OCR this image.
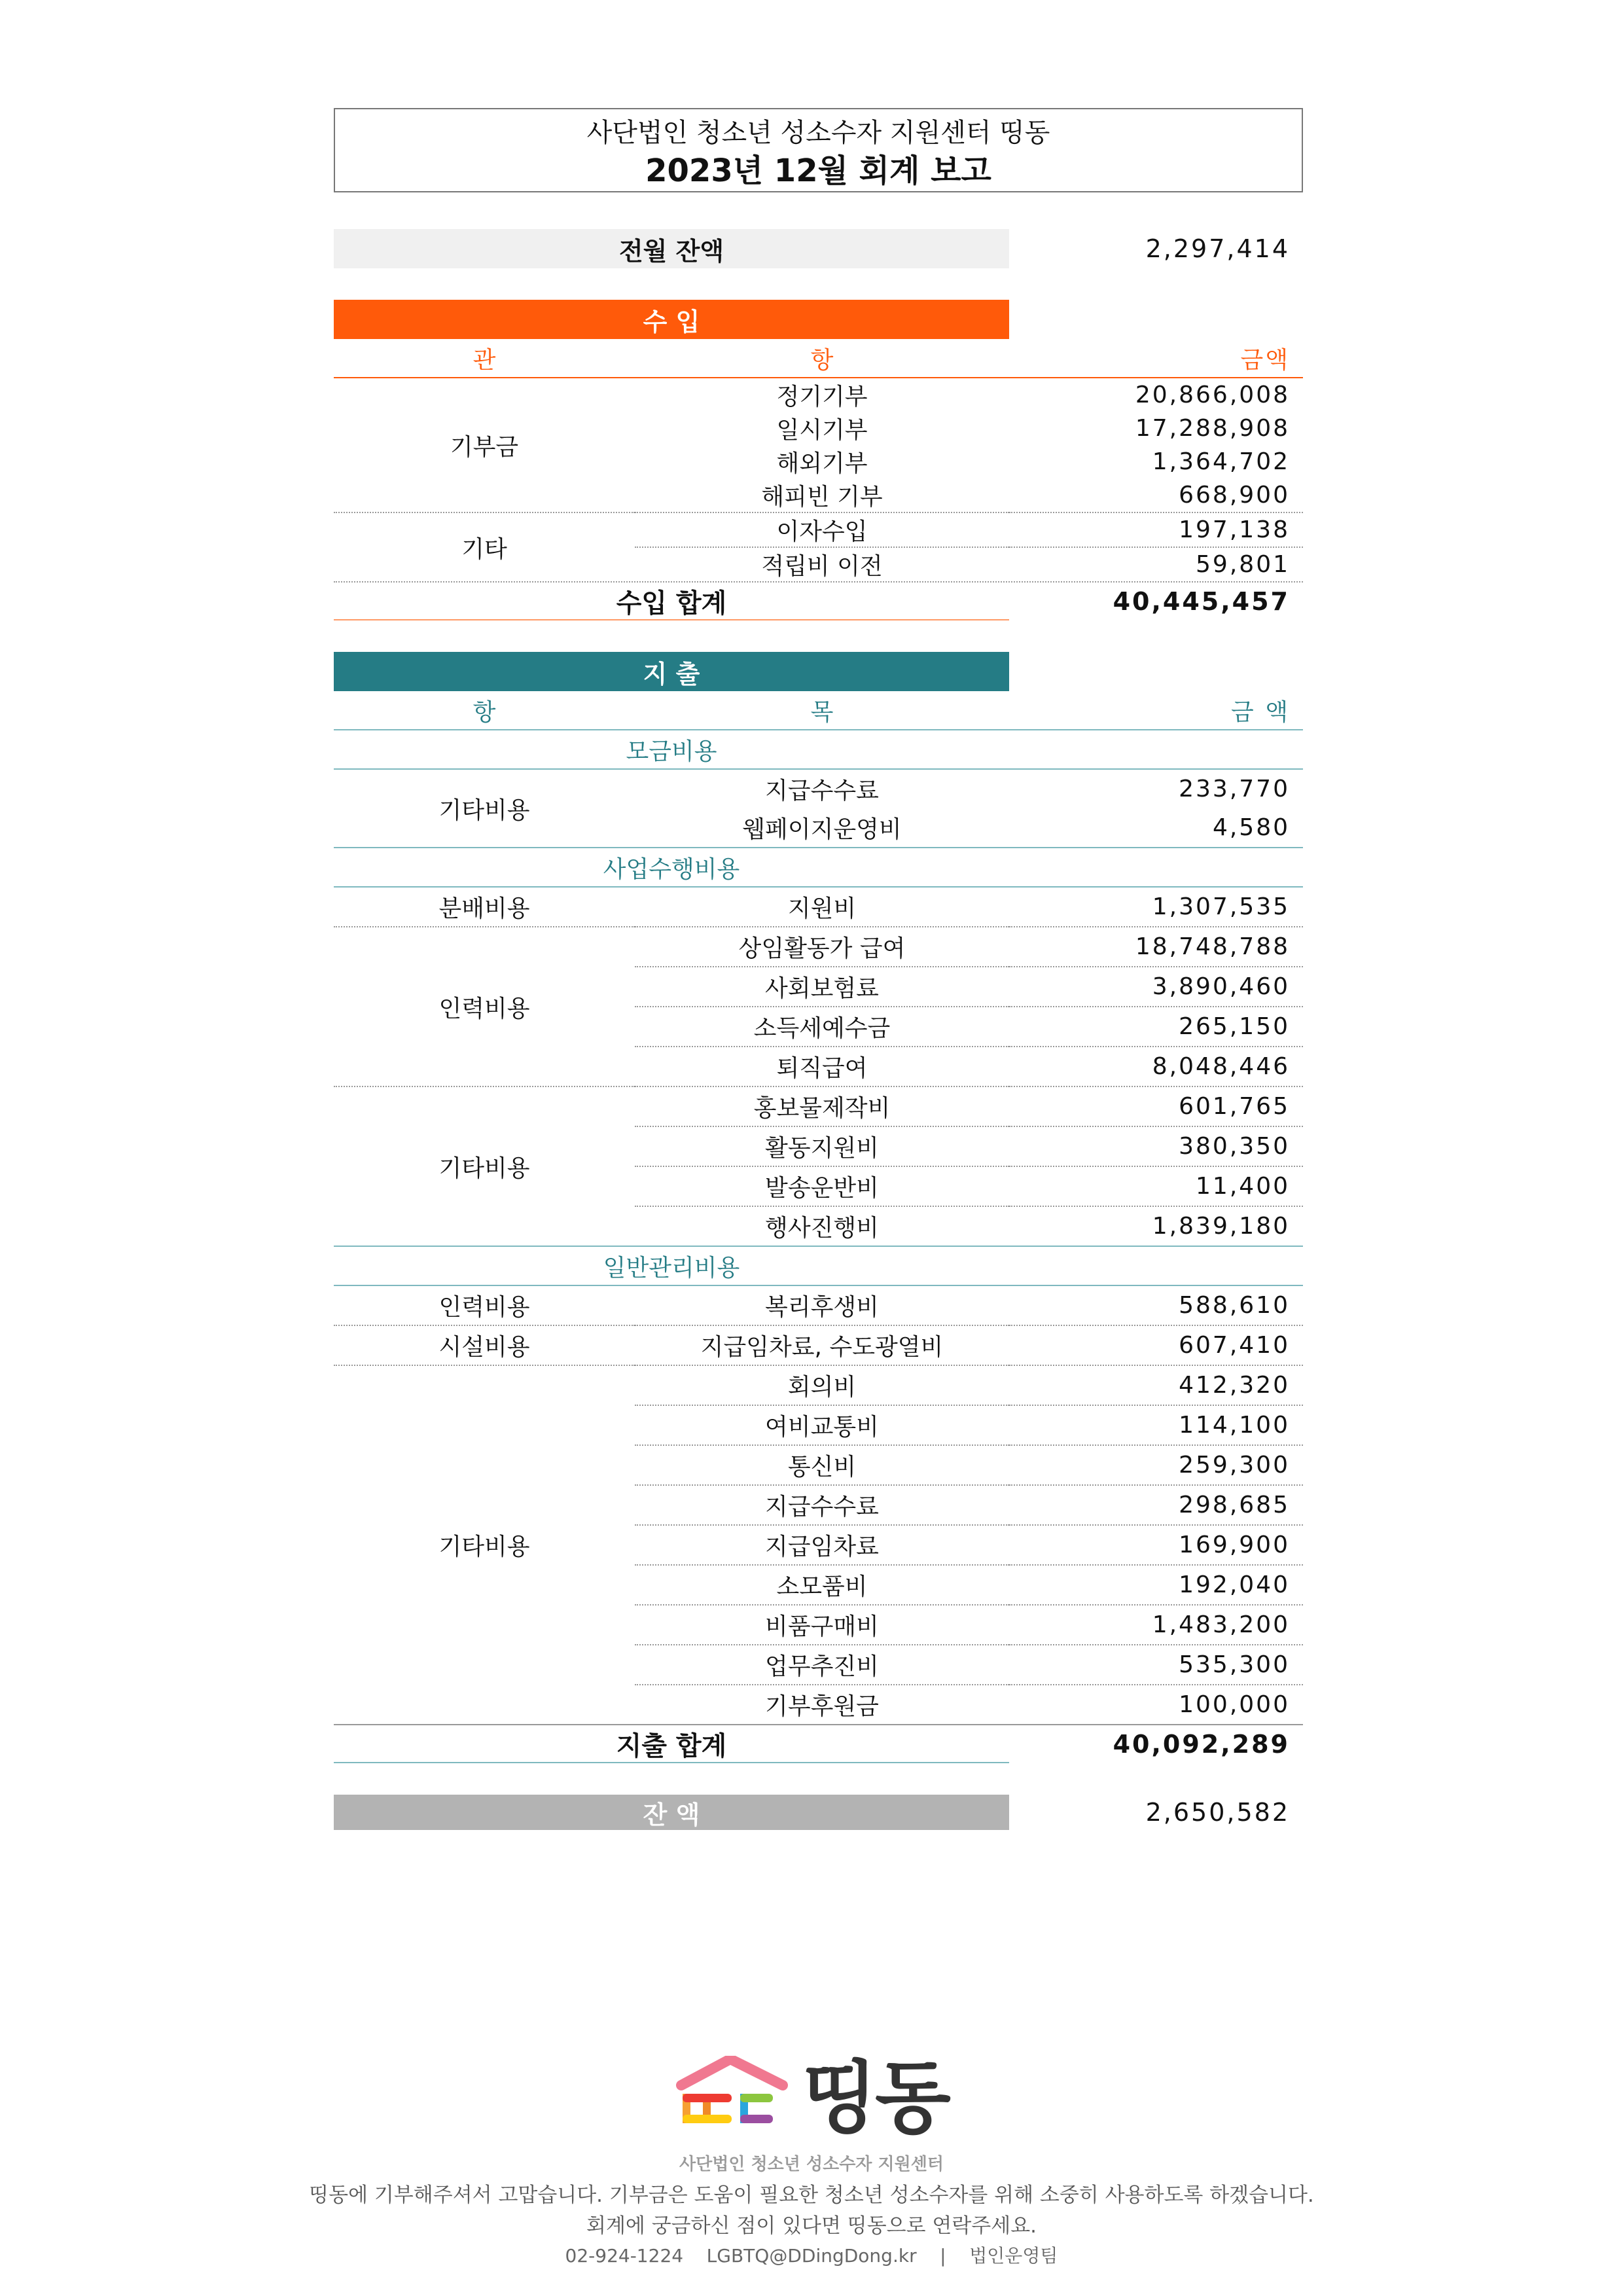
사단법인 청소년 성소수자 지원센터 띵동
2023년 12월 회계 보고
전월 잔액	2,297,414
수 입
관	항	금액
기부금	정기기부	20,866,008
	일시기부	17,288,908
	해외기부	1,364,702
	해피빈 기부	668,900
기타	이자수입	197,138
	적립비 이전	59,801
수입 합계	40,445,457
지 출
항	목	금 액
모금비용		
기타비용	지급수수료	233,770
	웹페이지운영비	4,580
사업수행비용		
분배비용	지원비	1,307,535
인력비용	상임활동가 급여	18,748,788
	사회보험료	3,890,460
	소득세예수금	265,150
	퇴직급여	8,048,446
기타비용	홍보물제작비	601,765
	활동지원비	380,350
	발송운반비	11,400
	행사진행비	1,839,180
일반관리비용		
인력비용	복리후생비	588,610
시설비용	지급임차료, 수도광열비	607,410
기타비용	회의비	412,320
	여비교통비	114,100
	통신비	259,300
	지급수수료	298,685
	지급임차료	169,900
	소모품비	192,040
	비품구매비	1,483,200
	업무추진비	535,300
	기부후원금	100,000
지출 합계	40,092,289
잔 액	2,650,582
띵동
사단법인 청소년 성소수자 지원센터
띵동에 기부해주셔서 고맙습니다. 기부금은 도움이 필요한 청소년 성소수자를 위해 소중히 사용하도록 하겠습니다.
회계에 궁금하신 점이 있다면 띵동으로 연락주세요.
02-924-1224    LGBTQ@DDingDong.kr    |    법인운영팀
